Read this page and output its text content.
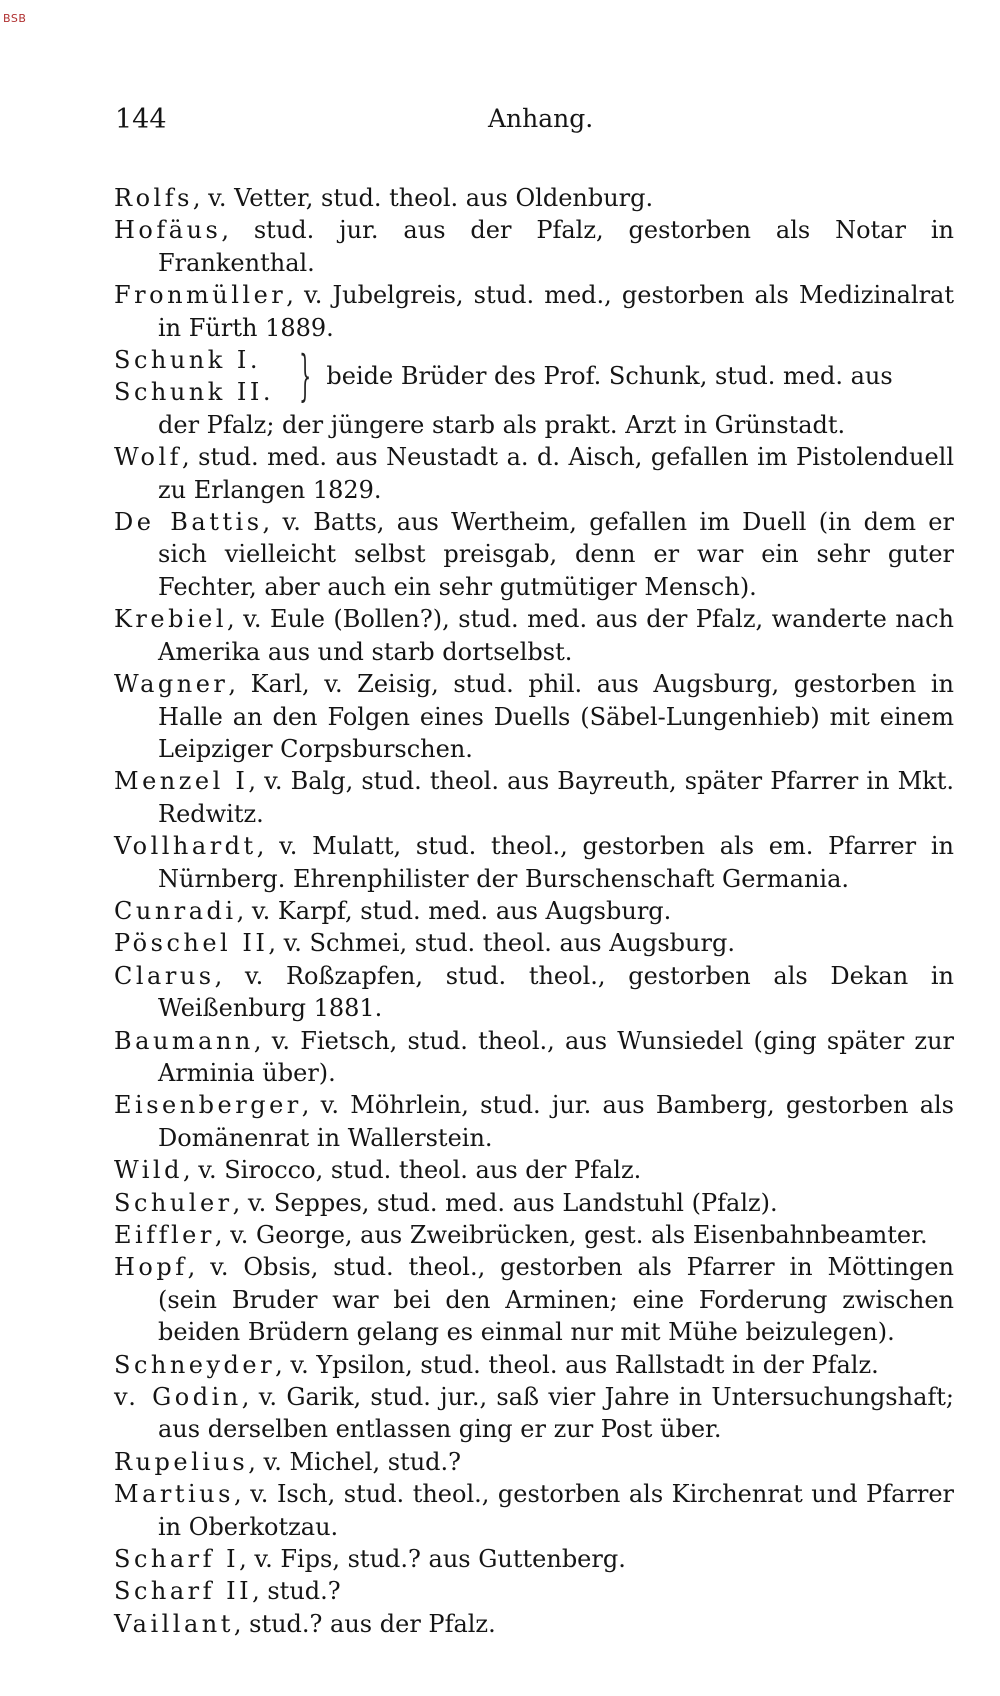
BSB
144	Anhang.
Rolfs, v. Vetter, stud. theol. aus Oldenburg.
Hofäus, stud. jur. aus der Pfalz, gestorben als Notar in Frankenthal.
Fronmüller, v. Jubelgreis, stud. med., gestorben als Medizinalrat in Fürth 1889.
Schunk I.
Schunk II. } beide Brüder des Prof. Schunk, stud. med. aus
der Pfalz; der jüngere starb als prakt. Arzt in Grünstadt.
Wolf, stud. med. aus Neustadt a. d. Aisch, gefallen im Pistolenduell zu Erlangen 1829.
De Battis, v. Batts, aus Wertheim, gefallen im Duell (in dem er sich vielleicht selbst preisgab, denn er war ein sehr guter Fechter, aber auch ein sehr gutmütiger Mensch).
Krebiel, v. Eule (Bollen?), stud. med. aus der Pfalz, wanderte nach Amerika aus und starb dortselbst.
Wagner, Karl, v. Zeisig, stud. phil. aus Augsburg, gestorben in Halle an den Folgen eines Duells (Säbel-Lungenhieb) mit einem Leipziger Corpsburschen.
Menzel I, v. Balg, stud. theol. aus Bayreuth, später Pfarrer in Mkt. Redwitz.
Vollhardt, v. Mulatt, stud. theol., gestorben als em. Pfarrer in Nürnberg. Ehrenphilister der Burschenschaft Germania.
Cunradi, v. Karpf, stud. med. aus Augsburg.
Pöschel II, v. Schmei, stud. theol. aus Augsburg.
Clarus, v. Roßzapfen, stud. theol., gestorben als Dekan in Weißenburg 1881.
Baumann, v. Fietsch, stud. theol., aus Wunsiedel (ging später zur Arminia über).
Eisenberger, v. Möhrlein, stud. jur. aus Bamberg, gestorben als Domänenrat in Wallerstein.
Wild, v. Sirocco, stud. theol. aus der Pfalz.
Schuler, v. Seppes, stud. med. aus Landstuhl (Pfalz).
Eiffler, v. George, aus Zweibrücken, gest. als Eisenbahnbeamter.
Hopf, v. Obsis, stud. theol., gestorben als Pfarrer in Möttingen (sein Bruder war bei den Arminen; eine Forderung zwischen beiden Brüdern gelang es einmal nur mit Mühe beizulegen).
Schneyder, v. Ypsilon, stud. theol. aus Rallstadt in der Pfalz.
v. Godin, v. Garik, stud. jur., saß vier Jahre in Untersuchungshaft; aus derselben entlassen ging er zur Post über.
Rupelius, v. Michel, stud.?
Martius, v. Isch, stud. theol., gestorben als Kirchenrat und Pfarrer in Oberkotzau.
Scharf I, v. Fips, stud.? aus Guttenberg.
Scharf II, stud.?
Vaillant, stud.? aus der Pfalz.
